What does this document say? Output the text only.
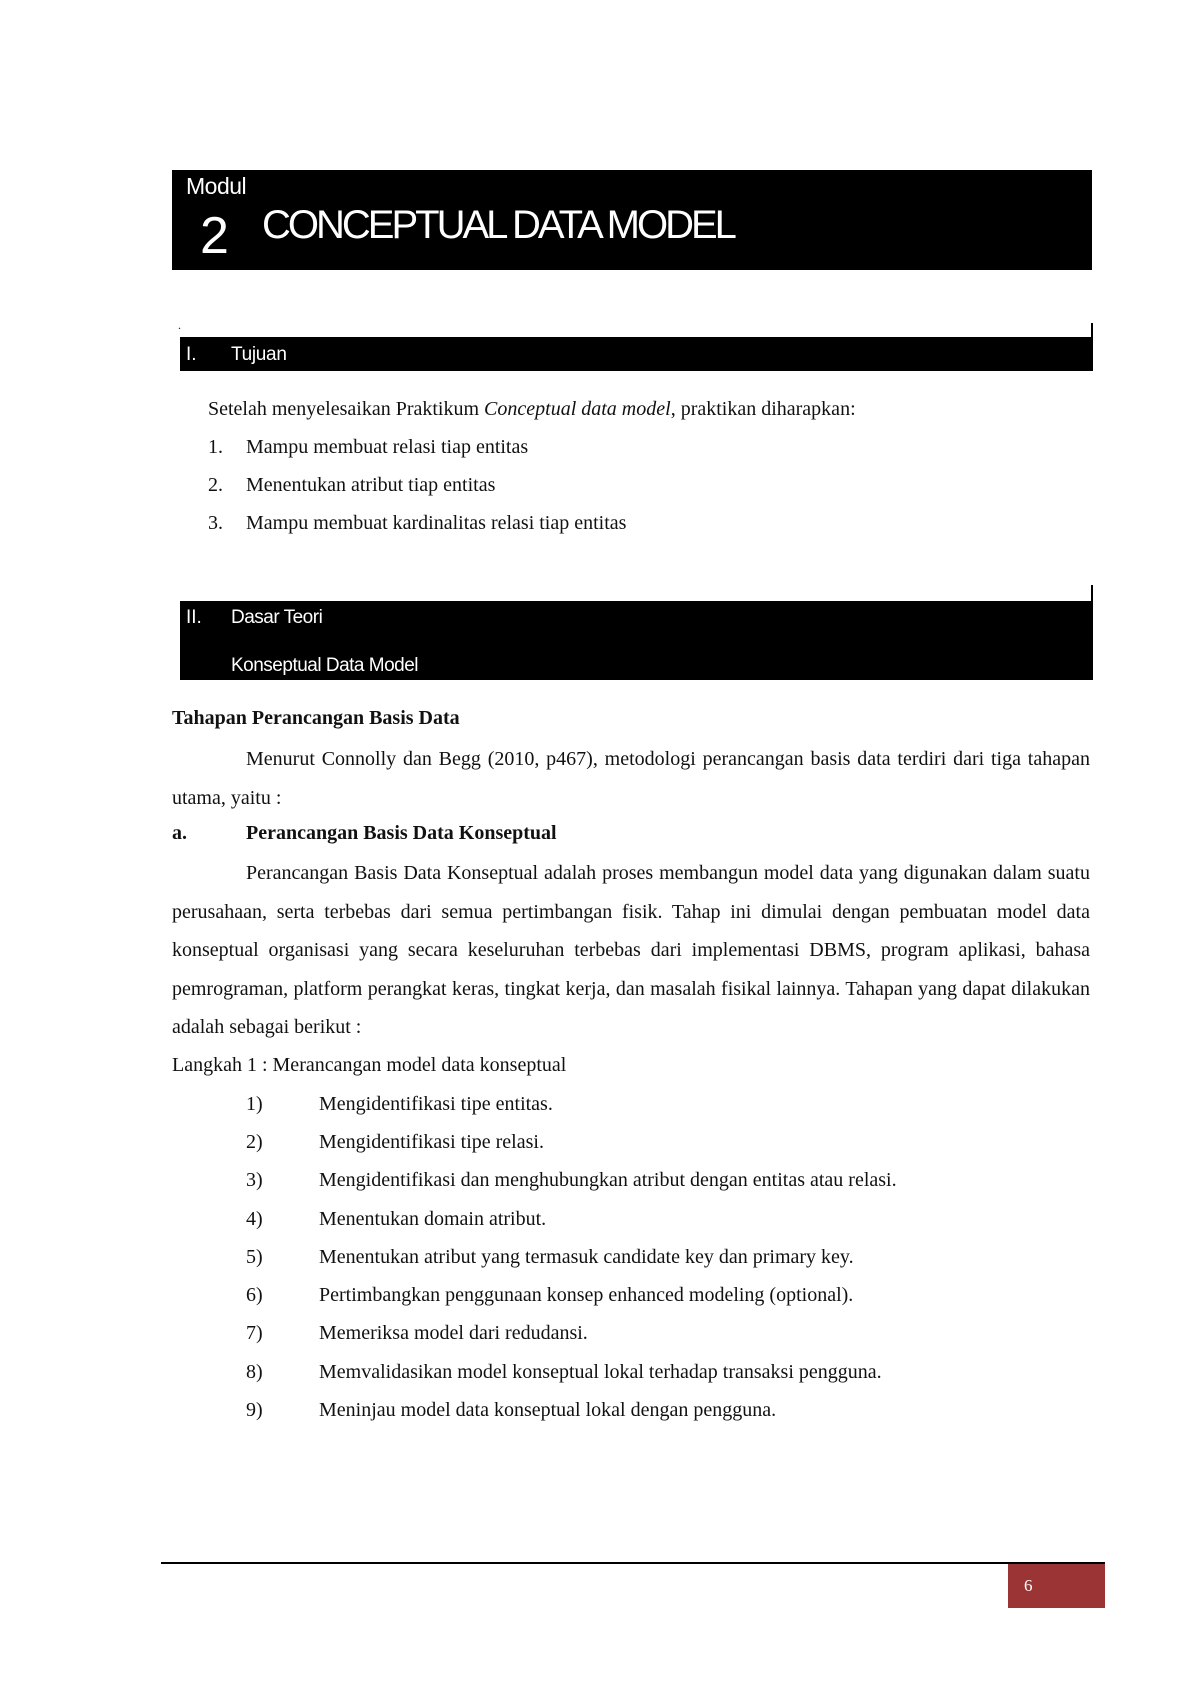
Modul
2 CONCEPTUAL DATA MODEL
.
I. Tujuan
Setelah menyelesaikan Praktikum Conceptual data model, praktikan diharapkan:
1. Mampu membuat relasi tiap entitas
2. Menentukan atribut tiap entitas
3. Mampu membuat kardinalitas relasi tiap entitas
II. Dasar Teori
Konseptual Data Model
Tahapan Perancangan Basis Data
Menurut Connolly dan Begg (2010, p467), metodologi perancangan basis data terdiri dari tiga tahapan utama, yaitu :
a.	Perancangan Basis Data Konseptual
Perancangan Basis Data Konseptual adalah proses membangun model data yang digunakan dalam suatu perusahaan, serta terbebas dari semua pertimbangan fisik. Tahap ini dimulai dengan pembuatan model data konseptual organisasi yang secara keseluruhan terbebas dari implementasi DBMS, program aplikasi, bahasa pemrograman, platform perangkat keras, tingkat kerja, dan masalah fisikal lainnya. Tahapan yang dapat dilakukan adalah sebagai berikut :
Langkah 1 : Merancangan model data konseptual
1)	Mengidentifikasi tipe entitas.
2)	Mengidentifikasi tipe relasi.
3)	Mengidentifikasi dan menghubungkan atribut dengan entitas atau relasi.
4)	Menentukan domain atribut.
5)	Menentukan atribut yang termasuk candidate key dan primary key.
6)	Pertimbangkan penggunaan konsep enhanced modeling (optional).
7)	Memeriksa model dari redudansi.
8)	Memvalidasikan model konseptual lokal terhadap transaksi pengguna.
9)	Meninjau model data konseptual lokal dengan pengguna.
6
